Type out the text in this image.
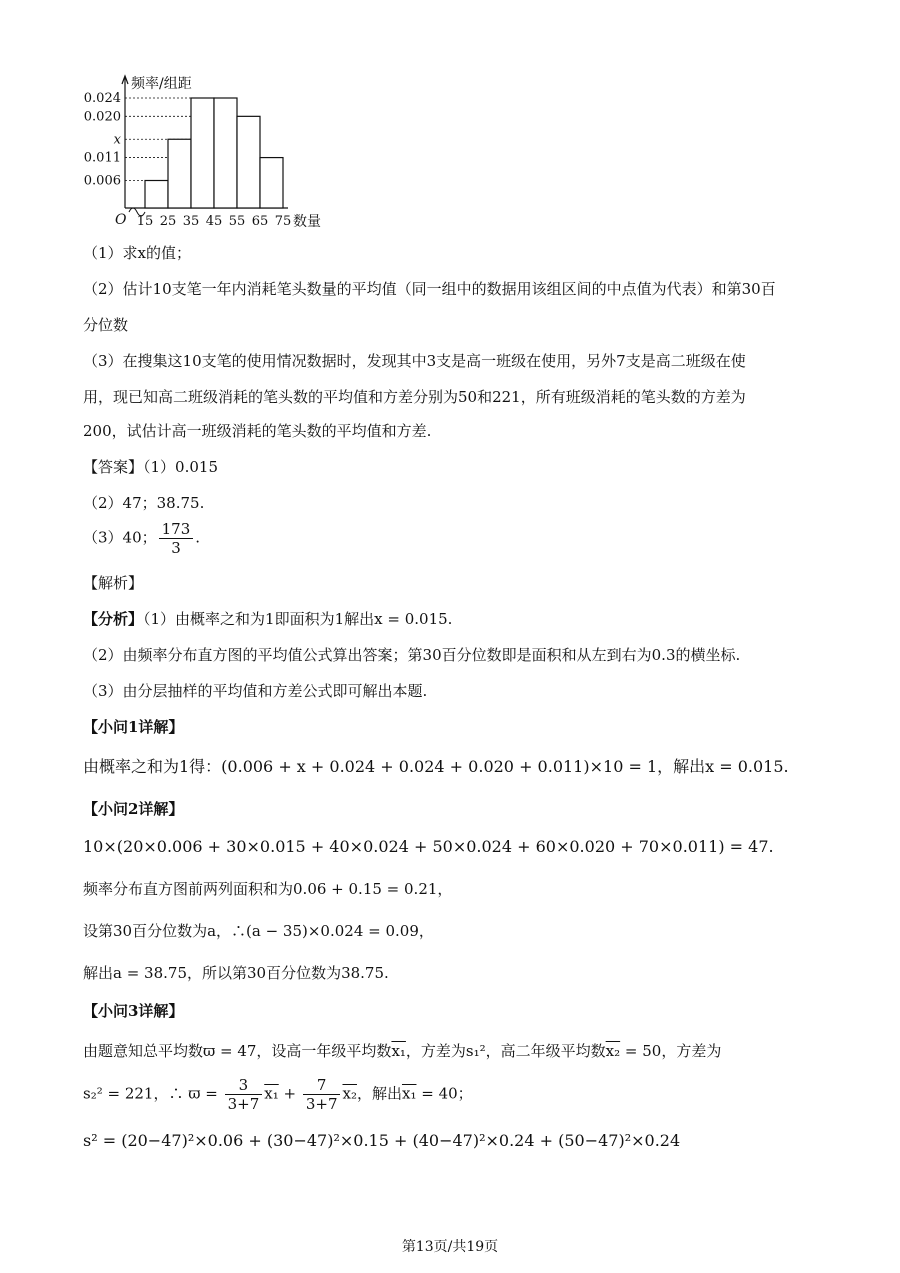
0.006
0.011
x
0.020
0.024
15 25 35 45 55 65 75
O
频率/组距
数量
（1）求x的值；
（2）估计10支笔一年内消耗笔头数量的平均值（同一组中的数据用该组区间的中点值为代表）和第30百
分位数
（3）在搜集这10支笔的使用情况数据时，发现其中3支是高一班级在使用，另外7支是高二班级在使
用，现已知高二班级消耗的笔头数的平均值和方差分别为50和221，所有班级消耗的笔头数的方差为
200，试估计高一班级消耗的笔头数的平均值和方差.
【答案】（1）0.015
（2）47；38.75.
（3）40； $\frac{173}{3}$ .
【解析】
【分析】（1）由概率之和为1即面积为1解出x = 0.015.
（2）由频率分布直方图的平均值公式算出答案；第30百分位数即是面积和从左到右为0.3的横坐标.
（3）由分层抽样的平均值和方差公式即可解出本题.
【小问1详解】
由概率之和为1得：(0.006 + x + 0.024 + 0.024 + 0.020 + 0.011)×10 = 1，解出x = 0.015.
【小问2详解】
10×(20×0.006 + 30×0.015 + 40×0.024 + 50×0.024 + 60×0.020 + 70×0.011) = 47.
频率分布直方图前两列面积和为0.06 + 0.15 = 0.21，
设第30百分位数为a，∴(a − 35)×0.024 = 0.09，
解出a = 38.75，所以第30百分位数为38.75.
【小问3详解】
由题意知总平均数ϖ = 47，设高一年级平均数x₁，方差为s₁²，高二年级平均数x₂ = 50，方差为
s₂² = 221，∴ $ϖ = \frac{3}{3+7} x_1 + \frac{7}{3+7} x_2$，解出x₁ = 40；
s² = (20−47)²×0.06 + (30−47)²×0.15 + (40−47)²×0.24 + (50−47)²×0.24
第13页/共19页
